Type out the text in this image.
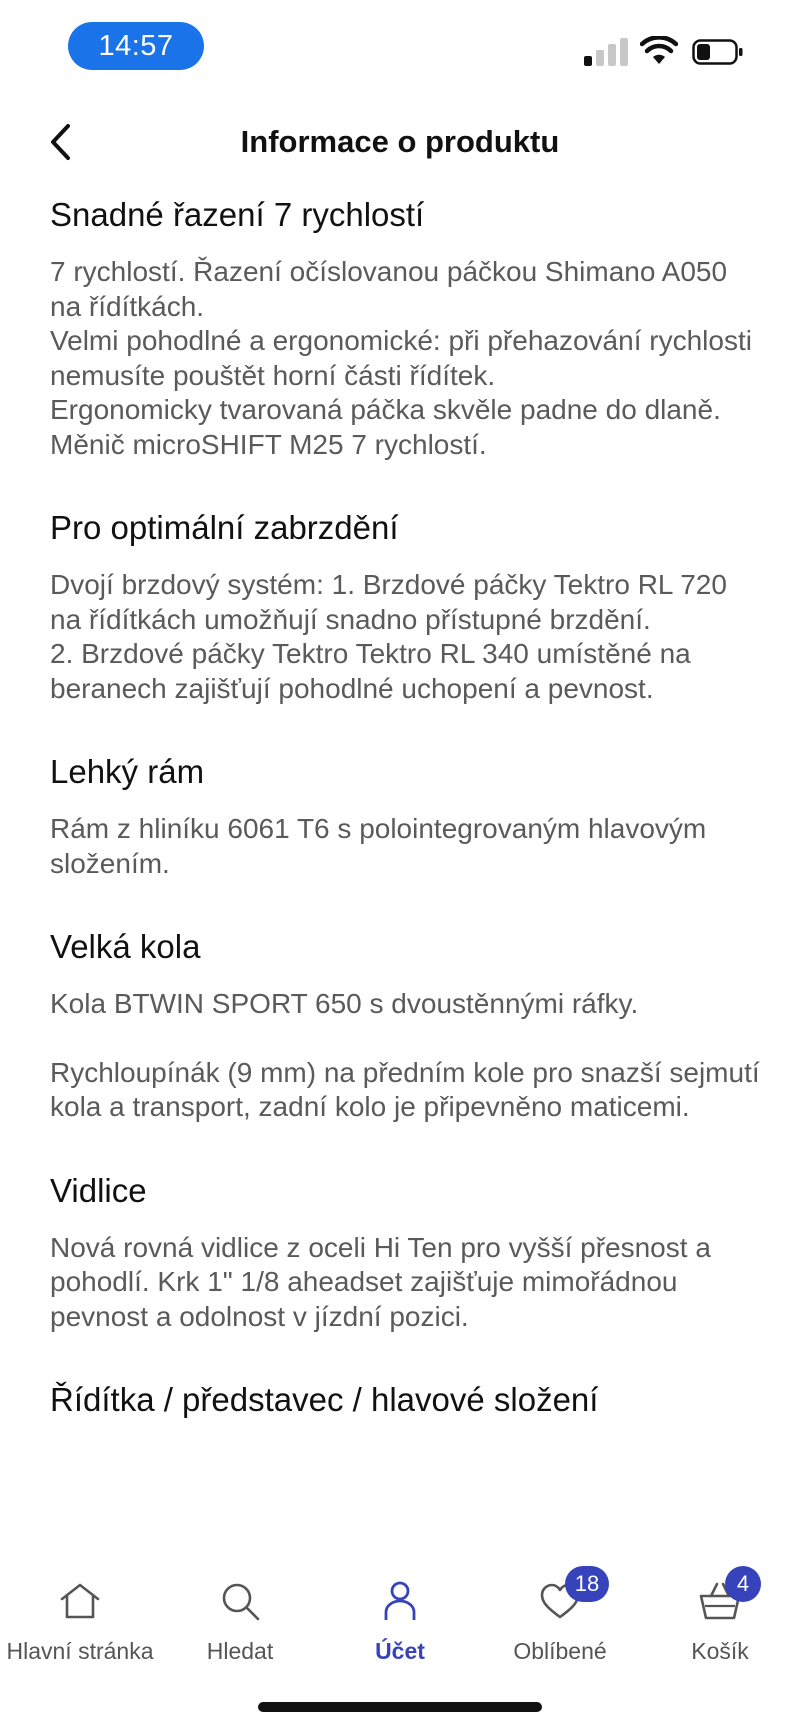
14:57
Informace o produktu
Snadné řazení 7 rychlostí

7 rychlostí. Řazení očíslovanou páčkou Shimano A050 na řídítkách.

Velmi pohodlné a ergonomické: při přehazování rychlosti nemusíte pouštět horní části řídítek.

Ergonomicky tvarovaná páčka skvěle padne do dlaně.

Měnič microSHIFT M25 7 rychlostí.

Pro optimální zabrzdění

Dvojí brzdový systém: 1. Brzdové páčky Tektro RL 720 na řídítkách umožňují snadno přístupné brzdění.

2. Brzdové páčky Tektro Tektro RL 340 umístěné na beranech zajišťují pohodlné uchopení a pevnost.

Lehký rám

Rám z hliníku 6061 T6 s polointegrovaným hlavovým složením.

Velká kola

Kola BTWIN SPORT 650 s dvoustěnnými ráfky.

Rychloupínák (9 mm) na předním kole pro snazší sejmutí kola a transport, zadní kolo je připevněno maticemi.

Vidlice

Nová rovná vidlice z oceli Hi Ten pro vyšší přesnost a pohodlí. Krk 1" 1/8 aheadset zajišťuje mimořádnou pevnost a odolnost v jízdní pozici.

Řídítka / představec / hlavové složení
Hlavní stránka Hledat	Účet
18
Oblíbené
4
Košík
